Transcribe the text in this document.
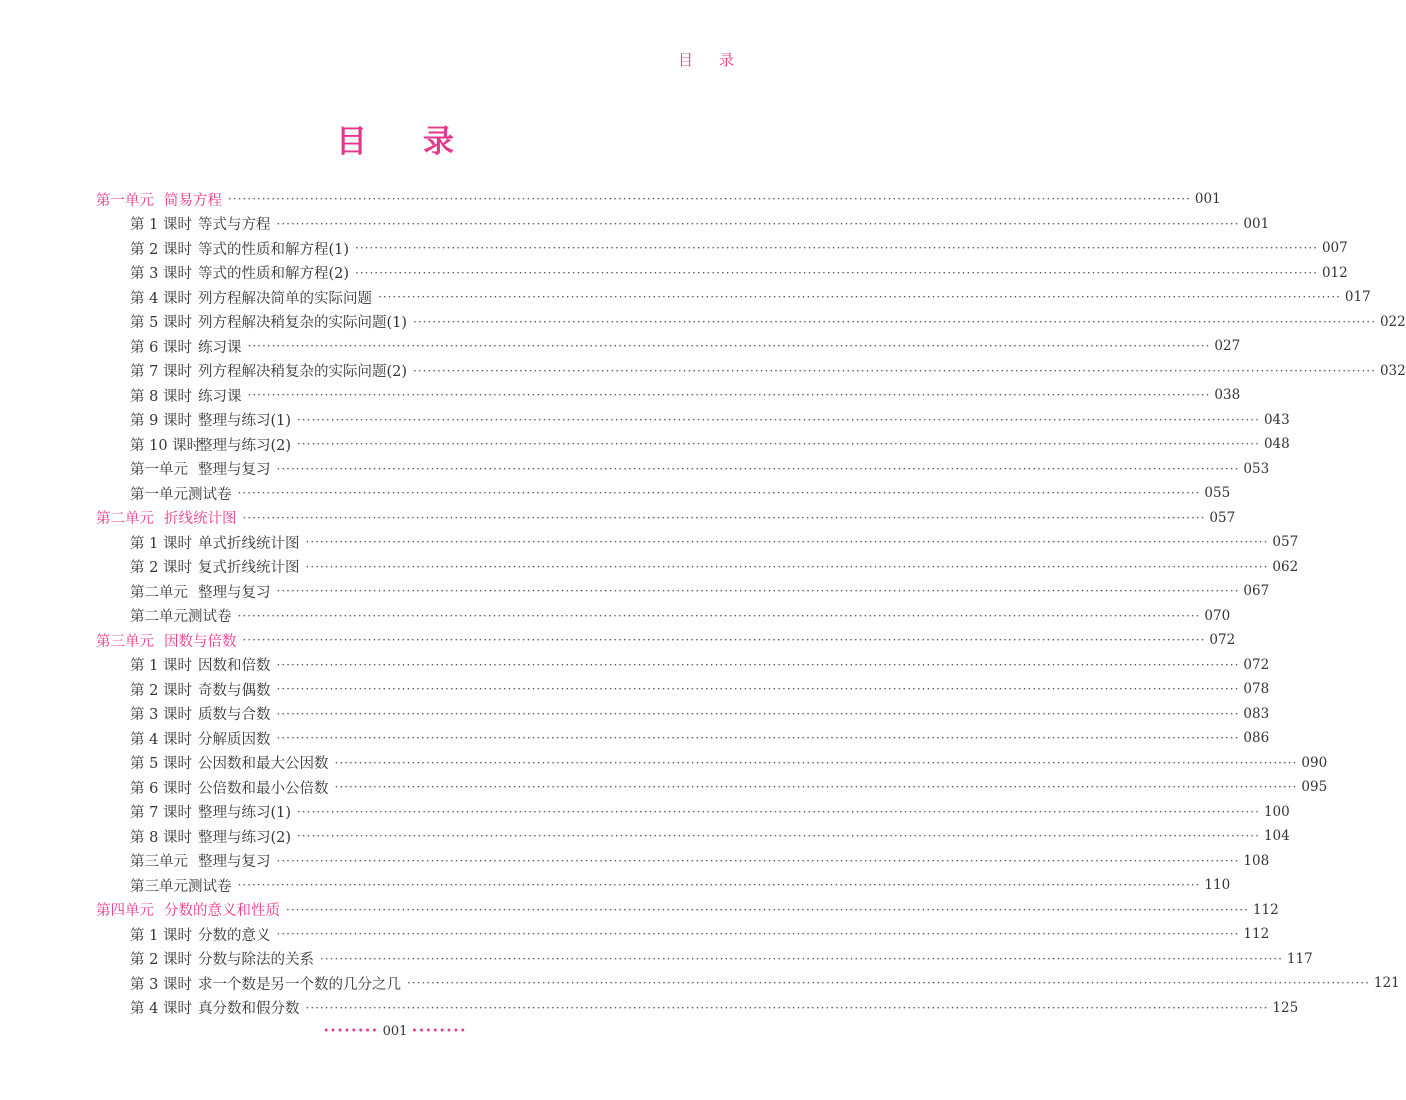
目录
目录
第一单元 简易方程 ········································································································································································································ 001
第 1 课时 等式与方程 ········································································································································································································ 001
第 2 课时 等式的性质和解方程(1) ········································································································································································································ 007
第 3 课时 等式的性质和解方程(2) ········································································································································································································ 012
第 4 课时 列方程解决简单的实际问题 ········································································································································································································ 017
第 5 课时 列方程解决稍复杂的实际问题(1) ········································································································································································································ 022
第 6 课时 练习课 ········································································································································································································ 027
第 7 课时 列方程解决稍复杂的实际问题(2) ········································································································································································································ 032
第 8 课时 练习课 ········································································································································································································ 038
第 9 课时 整理与练习(1) ········································································································································································································ 043
第 10 课时整理与练习(2) ········································································································································································································ 048
第一单元 整理与复习 ········································································································································································································ 053
第一单元测试卷 ········································································································································································································ 055
第二单元 折线统计图 ········································································································································································································ 057
第 1 课时 单式折线统计图 ········································································································································································································ 057
第 2 课时 复式折线统计图 ········································································································································································································ 062
第二单元 整理与复习 ········································································································································································································ 067
第二单元测试卷 ········································································································································································································ 070
第三单元 因数与倍数 ········································································································································································································ 072
第 1 课时 因数和倍数 ········································································································································································································ 072
第 2 课时 奇数与偶数 ········································································································································································································ 078
第 3 课时 质数与合数 ········································································································································································································ 083
第 4 课时 分解质因数 ········································································································································································································ 086
第 5 课时 公因数和最大公因数 ········································································································································································································ 090
第 6 课时 公倍数和最小公倍数 ········································································································································································································ 095
第 7 课时 整理与练习(1) ········································································································································································································ 100
第 8 课时 整理与练习(2) ········································································································································································································ 104
第三单元 整理与复习 ········································································································································································································ 108
第三单元测试卷 ········································································································································································································ 110
第四单元 分数的意义和性质 ········································································································································································································ 112
第 1 课时 分数的意义 ········································································································································································································ 112
第 2 课时 分数与除法的关系 ········································································································································································································ 117
第 3 课时 求一个数是另一个数的几分之几 ········································································································································································································ 121
第 4 课时 真分数和假分数 ········································································································································································································ 125
•••••••• 001 ••••••••
